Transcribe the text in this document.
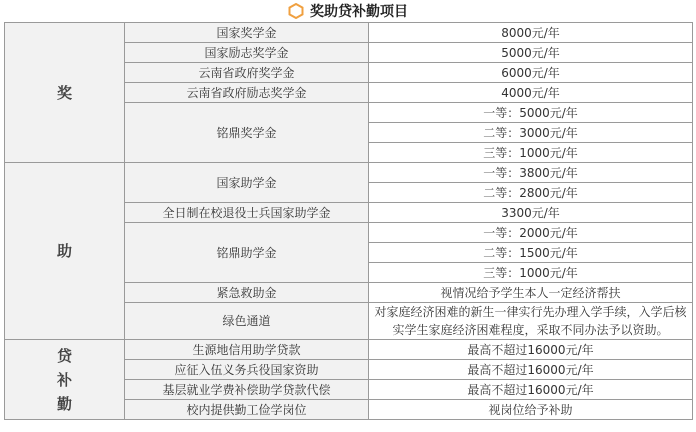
奖助贷补勤项目
奖	国家奖学金	8000元/年
	国家励志奖学金	5000元/年
	云南省政府奖学金	6000元/年
	云南省政府励志奖学金	4000元/年
	铭鼎奖学金	一等：5000元/年
		二等：3000元/年
		三等：1000元/年
助	国家助学金	一等：3800元/年
		二等：2800元/年
	全日制在校退役士兵国家助学金	3300元/年
	铭鼎助学金	一等：2000元/年
		二等：1500元/年
		三等：1000元/年
	紧急救助金	视情况给予学生本人一定经济帮扶
	绿色通道	对家庭经济困难的新生一律实行先办理入学手续，入学后核实学生家庭经济困难程度，采取不同办法予以资助。

贷
补
勤	生源地信用助学贷款	最高不超过16000元/年
	应征入伍义务兵役国家资助	最高不超过16000元/年
	基层就业学费补偿助学贷款代偿	最高不超过16000元/年
	校内提供勤工俭学岗位	视岗位给予补助
